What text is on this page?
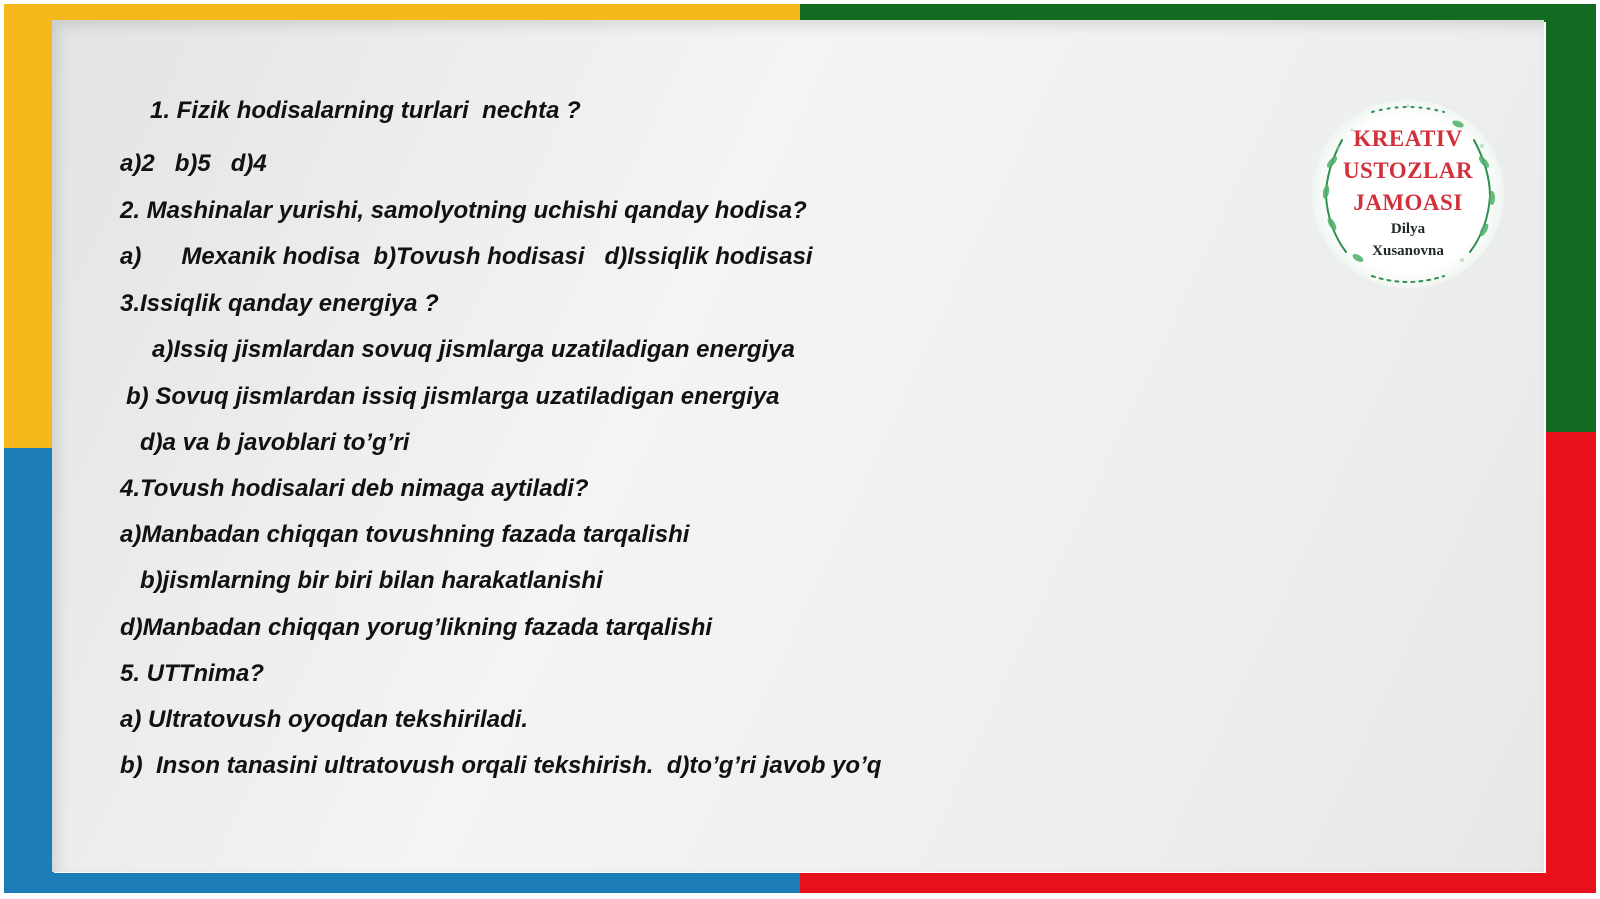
1. Fizik hodisalarning turlari  nechta ?
a)2   b)5   d)4
2. Mashinalar yurishi, samolyotning uchishi qanday hodisa?
a)      Mexanik hodisa  b)Tovush hodisasi   d)Issiqlik hodisasi
3.Issiqlik qanday energiya ?
a)Issiq jismlardan sovuq jismlarga uzatiladigan energiya
b) Sovuq jismlardan issiq jismlarga uzatiladigan energiya
d)a va b javoblari to’g’ri
4.Tovush hodisalari deb nimaga aytiladi?
a)Manbadan chiqqan tovushning fazada tarqalishi
b)jismlarning bir biri bilan harakatlanishi
d)Manbadan chiqqan yorug’likning fazada tarqalishi
5. UTTnima?
a) Ultratovush oyoqdan tekshiriladi.
b)  Inson tanasini ultratovush orqali tekshirish.  d)to’g’ri javob yo’q
KREATIV
USTOZLAR
JAMOASI
Dilya
Xusanovna
